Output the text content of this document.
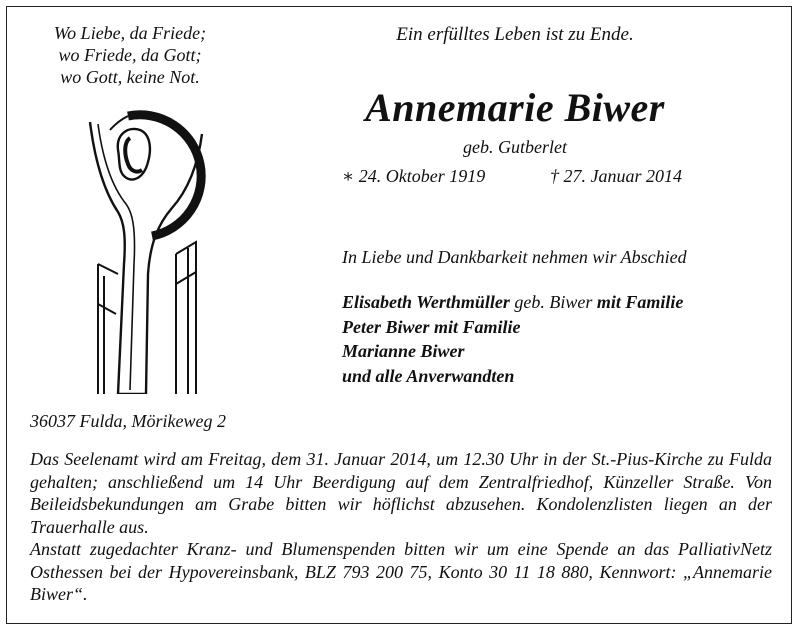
Wo Liebe, da Friede;
wo Friede, da Gott;
wo Gott, keine Not.
Ein erfülltes Leben ist zu Ende.
Annemarie Biwer
geb. Gutberlet
∗ 24. Oktober 1919	† 27. Januar 2014
In Liebe und Dankbarkeit nehmen wir Abschied
Elisabeth Werthmüller geb. Biwer mit Familie
Peter Biwer mit Familie
Marianne Biwer
und alle Anverwandten
36037 Fulda, Mörikeweg 2

Das Seelenamt wird am Freitag, dem 31. Januar 2014, um 12.30 Uhr in der St.-Pius-Kirche zu Fulda gehalten; anschließend um 14 Uhr Beerdigung auf dem Zentralfriedhof, Künzeller Straße. Von Beileidsbekundungen am Grabe bitten wir höflichst abzusehen. Kondolenzlisten liegen an der Trauerhalle aus.

Anstatt zugedachter Kranz- und Blumenspenden bitten wir um eine Spende an das PalliativNetz Osthessen bei der Hypovereinsbank, BLZ 793 200 75, Konto 30 11 18 880, Kennwort: „Annemarie Biwer“.
